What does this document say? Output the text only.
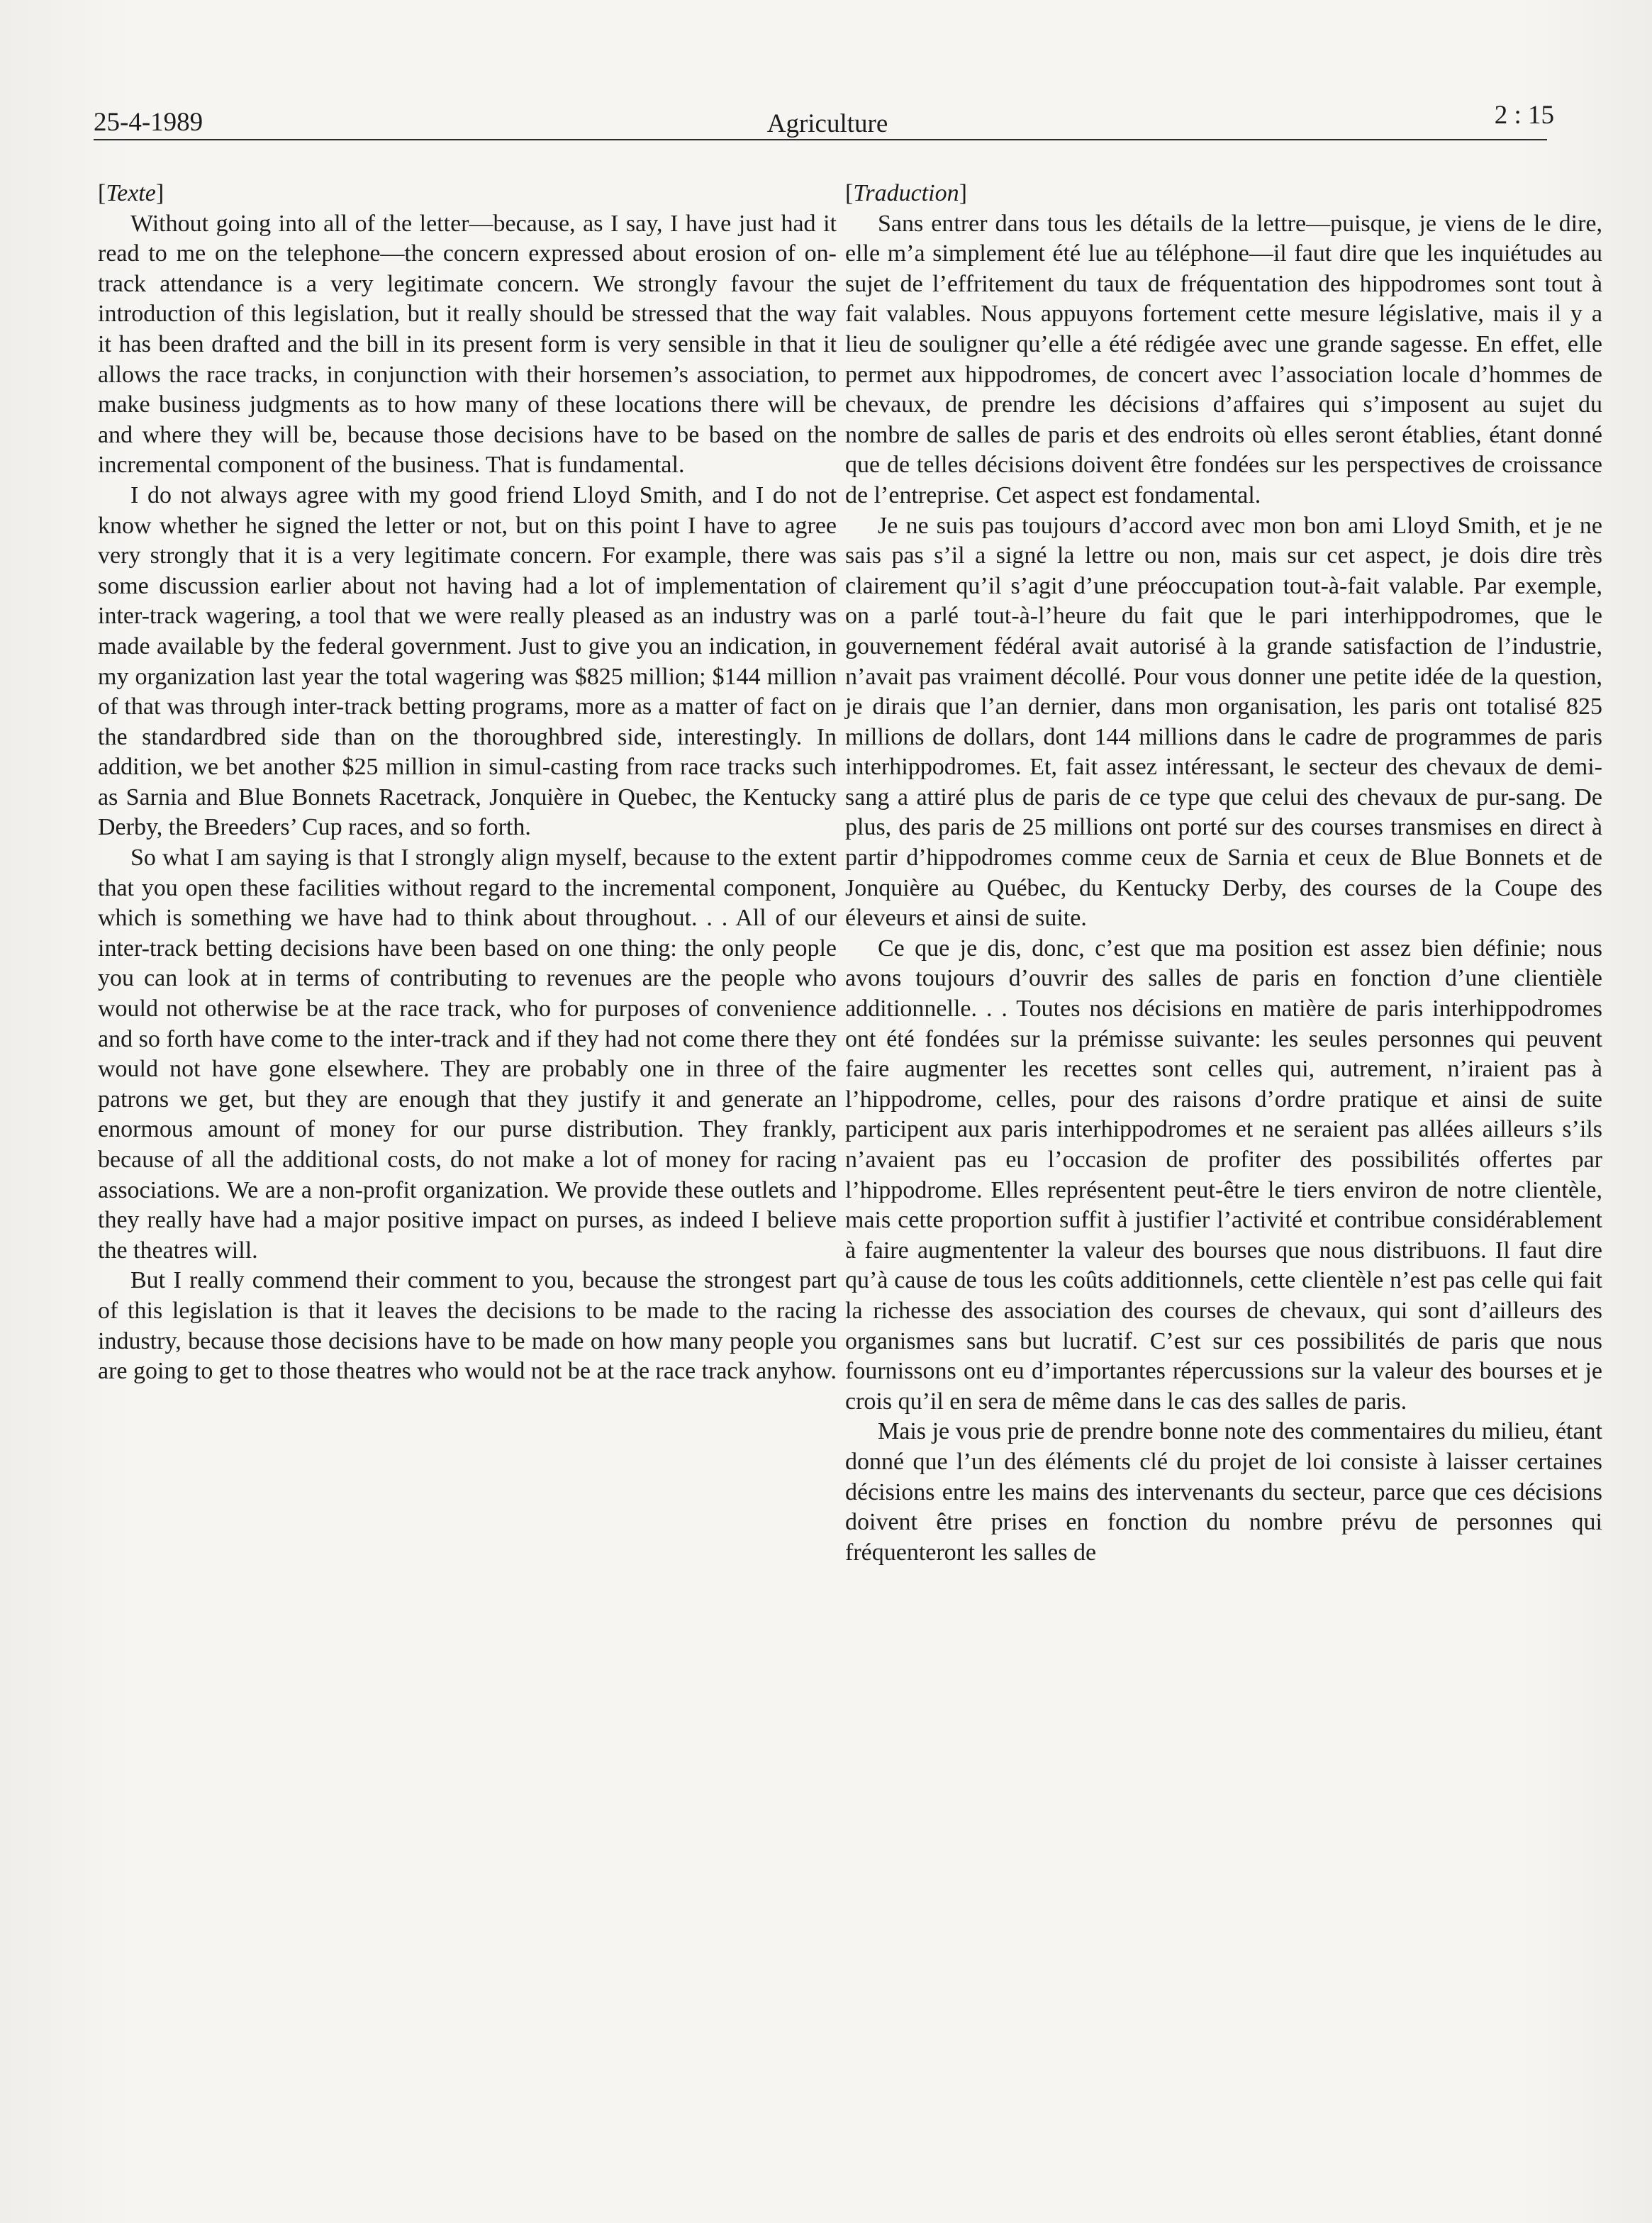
25-4-1989	Agriculture	2 : 15
[Texte]

Without going into all of the letter—because, as I say, I have just had it read to me on the telephone—the concern expressed about erosion of on-track attendance is a very legitimate concern. We strongly favour the introduction of this legislation, but it really should be stressed that the way it has been drafted and the bill in its present form is very sensible in that it allows the race tracks, in conjunction with their horsemen’s association, to make business judgments as to how many of these locations there will be and where they will be, because those decisions have to be based on the incremental component of the business. That is fundamental.

I do not always agree with my good friend Lloyd Smith, and I do not know whether he signed the letter or not, but on this point I have to agree very strongly that it is a very legitimate concern. For example, there was some discussion earlier about not having had a lot of implementation of inter-track wagering, a tool that we were really pleased as an industry was made available by the federal government. Just to give you an indication, in my organization last year the total wagering was $825 million; $144 million of that was through inter-track betting programs, more as a matter of fact on the standardbred side than on the thoroughbred side, interestingly. In addition, we bet another $25 million in simul-casting from race tracks such as Sarnia and Blue Bonnets Racetrack, Jonquière in Quebec, the Kentucky Derby, the Breeders’ Cup races, and so forth.

So what I am saying is that I strongly align myself, because to the extent that you open these facilities without regard to the incremental component, which is something we have had to think about throughout. . . All of our inter-track betting decisions have been based on one thing: the only people you can look at in terms of contributing to revenues are the people who would not otherwise be at the race track, who for purposes of convenience and so forth have come to the inter-track and if they had not come there they would not have gone elsewhere. They are probably one in three of the patrons we get, but they are enough that they justify it and generate an enormous amount of money for our purse distribution. They frankly, because of all the additional costs, do not make a lot of money for racing associations. We are a non-profit organization. We provide these outlets and they really have had a major positive impact on purses, as indeed I believe the theatres will.

But I really commend their comment to you, because the strongest part of this legislation is that it leaves the decisions to be made to the racing industry, because those decisions have to be made on how many people you are going to get to those theatres who would not be at the race track anyhow.

[Traduction]

Sans entrer dans tous les détails de la lettre—puisque, je viens de le dire, elle m’a simplement été lue au téléphone—il faut dire que les inquiétudes au sujet de l’effritement du taux de fréquentation des hippodromes sont tout à fait valables. Nous appuyons fortement cette mesure législative, mais il y a lieu de souligner qu’elle a été rédigée avec une grande sagesse. En effet, elle permet aux hippodromes, de concert avec l’association locale d’hommes de chevaux, de prendre les décisions d’affaires qui s’imposent au sujet du nombre de salles de paris et des endroits où elles seront établies, étant donné que de telles décisions doivent être fondées sur les perspectives de croissance de l’entreprise. Cet aspect est fondamental.

Je ne suis pas toujours d’accord avec mon bon ami Lloyd Smith, et je ne sais pas s’il a signé la lettre ou non, mais sur cet aspect, je dois dire très clairement qu’il s’agit d’une préoccupation tout-à-fait valable. Par exemple, on a parlé tout-à-l’heure du fait que le pari interhippodromes, que le gouvernement fédéral avait autorisé à la grande satisfaction de l’industrie, n’avait pas vraiment décollé. Pour vous donner une petite idée de la question, je dirais que l’an dernier, dans mon organisation, les paris ont totalisé 825 millions de dollars, dont 144 millions dans le cadre de programmes de paris interhippodromes. Et, fait assez intéressant, le secteur des chevaux de demi-sang a attiré plus de paris de ce type que celui des chevaux de pur-sang. De plus, des paris de 25 millions ont porté sur des courses transmises en direct à partir d’hippodromes comme ceux de Sarnia et ceux de Blue Bonnets et de Jonquière au Québec, du Kentucky Derby, des courses de la Coupe des éleveurs et ainsi de suite.

Ce que je dis, donc, c’est que ma position est assez bien définie; nous avons toujours d’ouvrir des salles de paris en fonction d’une clientièle additionnelle. . . Toutes nos décisions en matière de paris interhippodromes ont été fondées sur la prémisse suivante: les seules personnes qui peuvent faire augmenter les recettes sont celles qui, autrement, n’iraient pas à l’hippodrome, celles, pour des raisons d’ordre pratique et ainsi de suite participent aux paris interhippodromes et ne seraient pas allées ailleurs s’ils n’avaient pas eu l’occasion de profiter des possibilités offertes par l’hippodrome. Elles représentent peut-être le tiers environ de notre clientèle, mais cette proportion suffit à justifier l’activité et contribue considérablement à faire augmententer la valeur des bourses que nous distribuons. Il faut dire qu’à cause de tous les coûts additionnels, cette clientèle n’est pas celle qui fait la richesse des association des courses de chevaux, qui sont d’ailleurs des organismes sans but lucratif. C’est sur ces possibilités de paris que nous fournissons ont eu d’importantes répercussions sur la valeur des bourses et je crois qu’il en sera de même dans le cas des salles de paris.

Mais je vous prie de prendre bonne note des commentaires du milieu, étant donné que l’un des éléments clé du projet de loi consiste à laisser certaines décisions entre les mains des intervenants du secteur, parce que ces décisions doivent être prises en fonction du nombre prévu de personnes qui fréquenteront les salles de
